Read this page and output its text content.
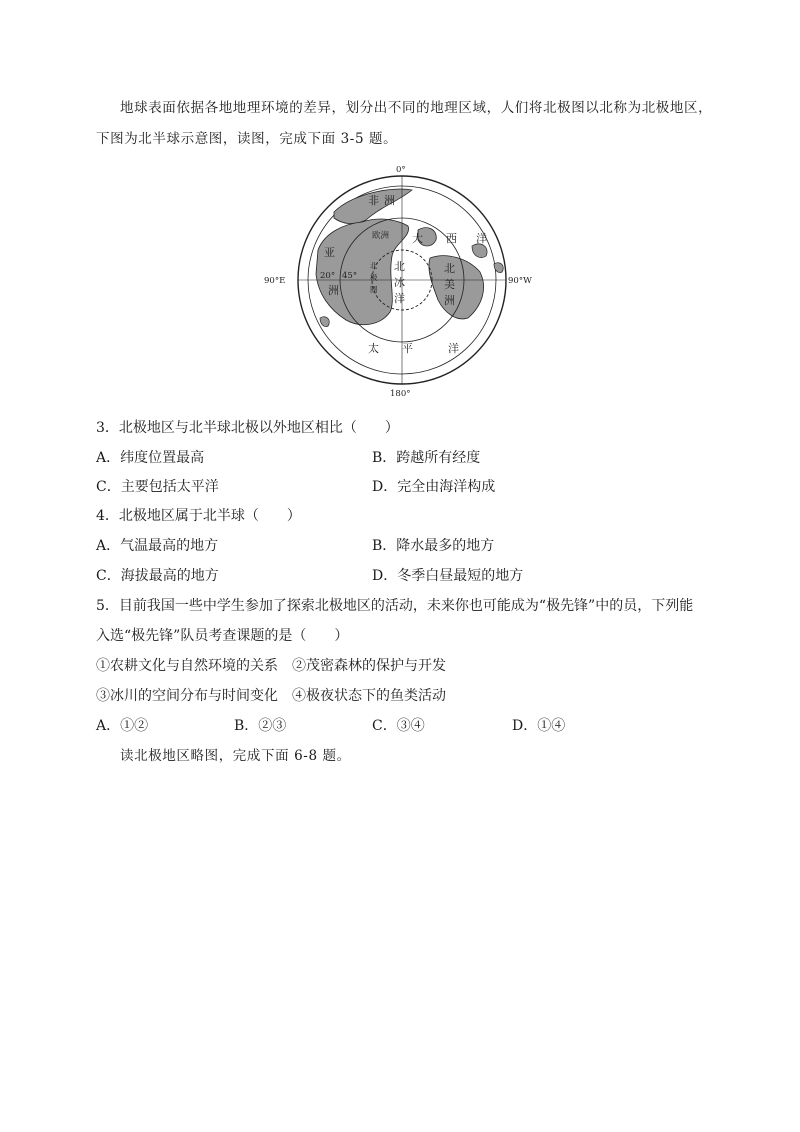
地球表面依据各地地理环境的差异，划分出不同的地理区域，人们将北极图以北称为北极地区，
下图为北半球示意图，读图，完成下面 3-5 题。
0°
180°
90°E	90°W
非 洲
亚
洲
欧洲 大 西 洋
北
美
洲
北
冰
洋
北
极
圈
20° 45°
太 平	洋
3．北极地区与北半球北极以外地区相比（　　）
A．纬度位置最高	B．跨越所有经度
C．主要包括太平洋	D．完全由海洋构成
4．北极地区属于北半球（　　）
A．气温最高的地方	B．降水最多的地方
C．海拔最高的地方	D．冬季白昼最短的地方
5．目前我国一些中学生参加了探索北极地区的活动，未来你也可能成为“极先锋”中的员，下列能
入选“极先锋”队员考查课题的是（　　）
①农耕文化与自然环境的关系　②茂密森林的保护与开发
③冰川的空间分布与时间变化　④极夜状态下的鱼类活动
A．①②	B．②③	C．③④	D．①④
读北极地区略图，完成下面 6-8 题。
